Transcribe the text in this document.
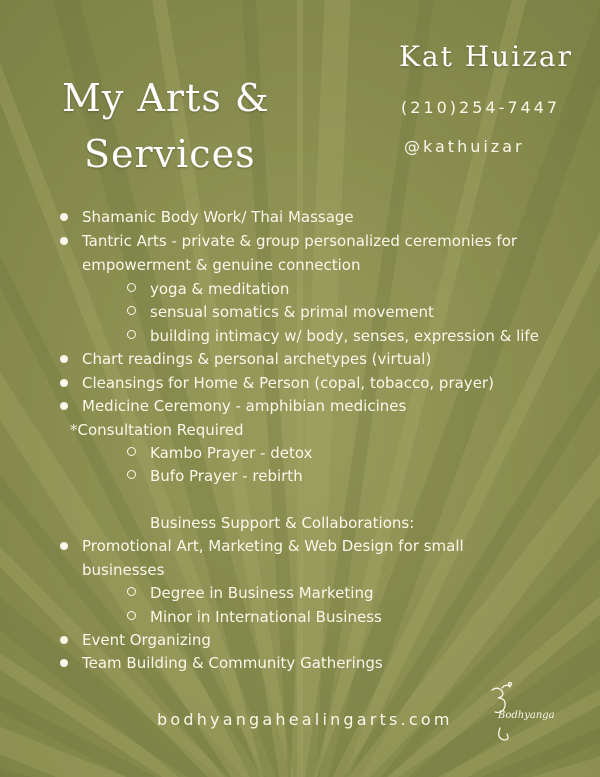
My Arts &
Services
Kat Huizar
(210)254-7447
@kathuizar
Shamanic Body Work/ Thai Massage
Tantric Arts - private & group personalized ceremonies for
empowerment & genuine connection
yoga & meditation
sensual somatics & primal movement
building intimacy w/ body, senses, expression & life
Chart readings & personal archetypes (virtual)
Cleansings for Home & Person (copal, tobacco, prayer)
Medicine Ceremony - amphibian medicines
*Consultation Required
Kambo Prayer - detox
Bufo Prayer - rebirth
Business Support & Collaborations:
Promotional Art, Marketing & Web Design for small
businesses
Degree in Business Marketing
Minor in International Business
Event Organizing
Team Building & Community Gatherings
bodhyangahealingarts.com	Bodhyanga
